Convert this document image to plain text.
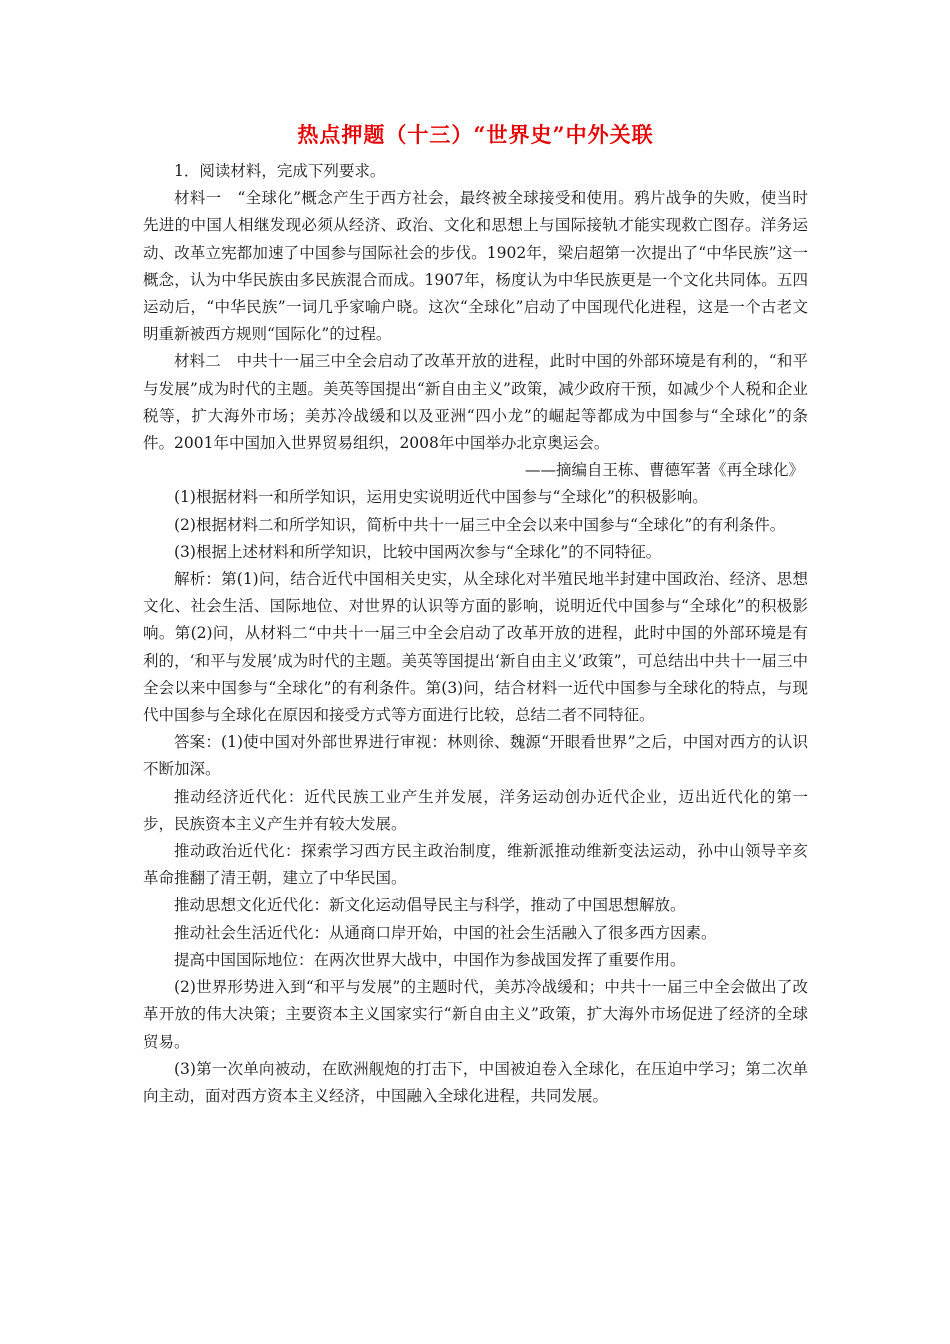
热点押题（十三）“世界史”中外关联

1．阅读材料，完成下列要求。

材料一　“全球化”概念产生于西方社会，最终被全球接受和使用。鸦片战争的失败，使当时先进的中国人相继发现必须从经济、政治、文化和思想上与国际接轨才能实现救亡图存。洋务运动、改革立宪都加速了中国参与国际社会的步伐。1902年，梁启超第一次提出了“中华民族”这一概念，认为中华民族由多民族混合而成。1907年，杨度认为中华民族更是一个文化共同体。五四运动后，“中华民族”一词几乎家喻户晓。这次“全球化”启动了中国现代化进程，这是一个古老文明重新被西方规则“国际化”的过程。

材料二　中共十一届三中全会启动了改革开放的进程，此时中国的外部环境是有利的，“和平与发展”成为时代的主题。美英等国提出“新自由主义”政策，减少政府干预，如减少个人税和企业税等，扩大海外市场；美苏冷战缓和以及亚洲“四小龙”的崛起等都成为中国参与“全球化”的条件。2001年中国加入世界贸易组织，2008年中国举办北京奥运会。

——摘编自王栋、曹德军著《再全球化》

(1)根据材料一和所学知识，运用史实说明近代中国参与“全球化”的积极影响。

(2)根据材料二和所学知识，简析中共十一届三中全会以来中国参与“全球化”的有利条件。

(3)根据上述材料和所学知识，比较中国两次参与“全球化”的不同特征。

解析：第(1)问，结合近代中国相关史实，从全球化对半殖民地半封建中国政治、经济、思想文化、社会生活、国际地位、对世界的认识等方面的影响，说明近代中国参与“全球化”的积极影响。第(2)问，从材料二“中共十一届三中全会启动了改革开放的进程，此时中国的外部环境是有利的，‘和平与发展’成为时代的主题。美英等国提出‘新自由主义’政策”，可总结出中共十一届三中全会以来中国参与“全球化”的有利条件。第(3)问，结合材料一近代中国参与全球化的特点，与现代中国参与全球化在原因和接受方式等方面进行比较，总结二者不同特征。

答案：(1)使中国对外部世界进行审视：林则徐、魏源“开眼看世界”之后，中国对西方的认识不断加深。

推动经济近代化：近代民族工业产生并发展，洋务运动创办近代企业，迈出近代化的第一步，民族资本主义产生并有较大发展。

推动政治近代化：探索学习西方民主政治制度，维新派推动维新变法运动，孙中山领导辛亥革命推翻了清王朝，建立了中华民国。

推动思想文化近代化：新文化运动倡导民主与科学，推动了中国思想解放。

推动社会生活近代化：从通商口岸开始，中国的社会生活融入了很多西方因素。

提高中国国际地位：在两次世界大战中，中国作为参战国发挥了重要作用。

(2)世界形势进入到“和平与发展”的主题时代，美苏冷战缓和；中共十一届三中全会做出了改革开放的伟大决策；主要资本主义国家实行“新自由主义”政策，扩大海外市场促进了经济的全球贸易。

(3)第一次单向被动，在欧洲舰炮的打击下，中国被迫卷入全球化，在压迫中学习；第二次单向主动，面对西方资本主义经济，中国融入全球化进程，共同发展。
